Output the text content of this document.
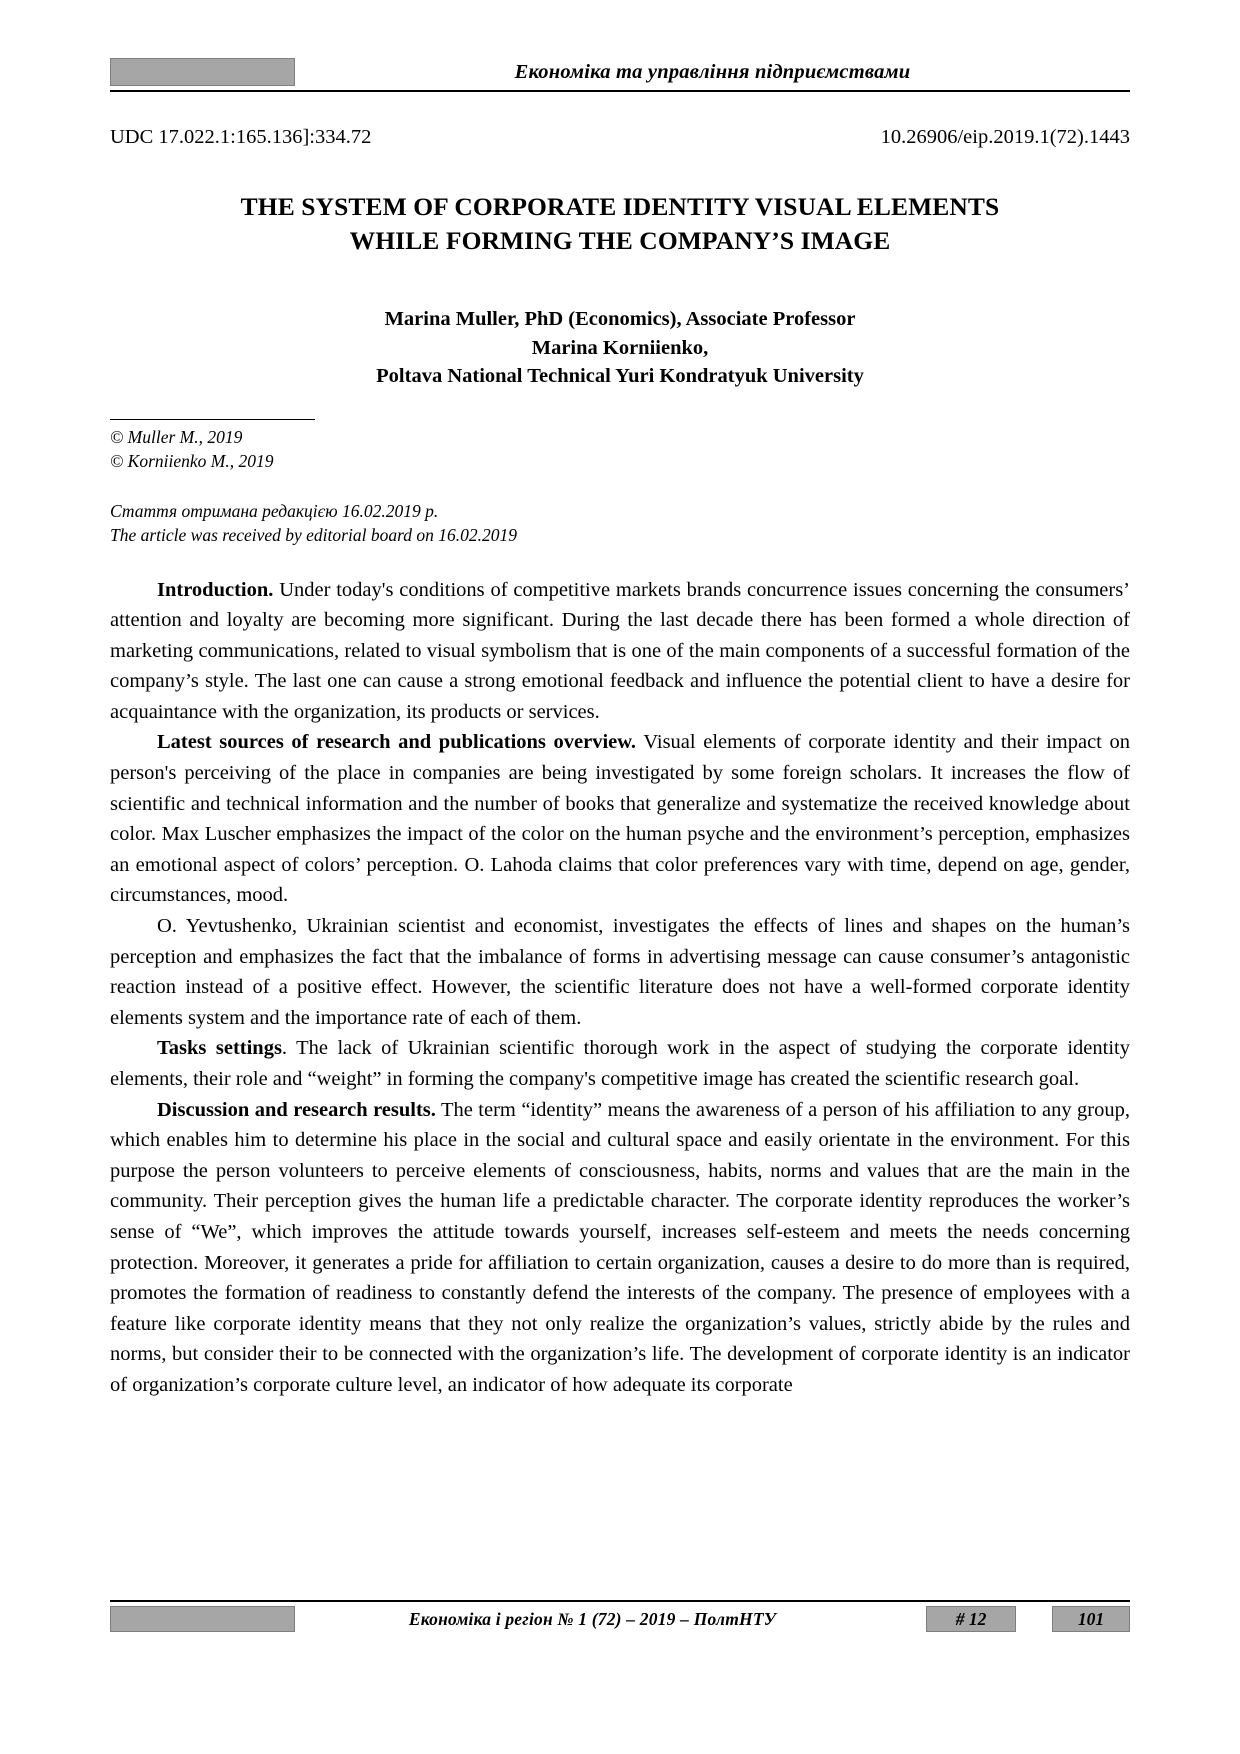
Економіка та управління підприємствами
UDC 17.022.1:165.136]:334.72	10.26906/eip.2019.1(72).1443
THE SYSTEM OF CORPORATE IDENTITY VISUAL ELEMENTS
WHILE FORMING THE COMPANY’S IMAGE
Marina Muller, PhD (Economics), Associate Professor
Marina Korniienko,
Poltava National Technical Yuri Kondratyuk University
© Muller M., 2019
© Korniienko M., 2019
Стаття отримана редакцією 16.02.2019 р.
The article was received by editorial board on 16.02.2019

Introduction. Under today's conditions of competitive markets brands concurrence issues concerning the consumers’ attention and loyalty are becoming more significant. During the last decade there has been formed a whole direction of marketing communications, related to visual symbolism that is one of the main components of a successful formation of the company’s style. The last one can cause a strong emotional feedback and influence the potential client to have a desire for acquaintance with the organization, its products or services.

Latest sources of research and publications overview. Visual elements of corporate identity and their impact on person's perceiving of the place in companies are being investigated by some foreign scholars. It increases the flow of scientific and technical information and the number of books that generalize and systematize the received knowledge about color. Max Luscher emphasizes the impact of the color on the human psyche and the environment’s perception, emphasizes an emotional aspect of colors’ perception. O. Lahoda claims that color preferences vary with time, depend on age, gender, circumstances, mood.

O. Yevtushenko, Ukrainian scientist and economist, investigates the effects of lines and shapes on the human’s perception and emphasizes the fact that the imbalance of forms in advertising message can cause consumer’s antagonistic reaction instead of a positive effect. However, the scientific literature does not have a well-formed corporate identity elements system and the importance rate of each of them.

Tasks settings. The lack of Ukrainian scientific thorough work in the aspect of studying the corporate identity elements, their role and “weight” in forming the company's competitive image has created the scientific research goal.

Discussion and research results. The term “identity” means the awareness of a person of his affiliation to any group, which enables him to determine his place in the social and cultural space and easily orientate in the environment. For this purpose the person volunteers to perceive elements of consciousness, habits, norms and values that are the main in the community. Their perception gives the human life a predictable character. The corporate identity reproduces the worker’s sense of “We”, which improves the attitude towards yourself, increases self-esteem and meets the needs concerning protection. Moreover, it generates a pride for affiliation to certain organization, causes a desire to do more than is required, promotes the formation of readiness to constantly defend the interests of the company. The presence of employees with a feature like corporate identity means that they not only realize the organization’s values, strictly abide by the rules and norms, but consider their to be connected with the organization’s life. The development of corporate identity is an indicator of organization’s corporate culture level, an indicator of how adequate its corporate

Економіка і регіон № 1 (72) – 2019 – ПолтНТУ	# 12	101
